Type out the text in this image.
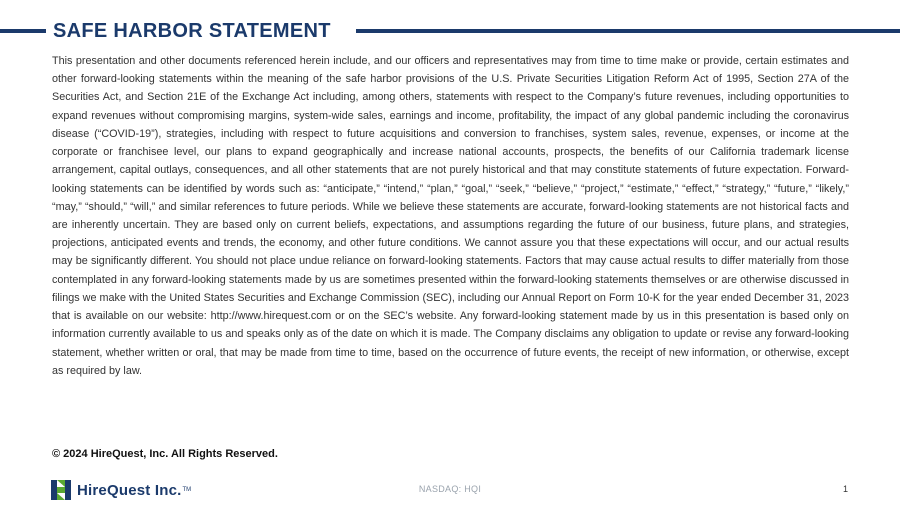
SAFE HARBOR STATEMENT

This presentation and other documents referenced herein include, and our officers and representatives may from time to time make or provide, certain estimates and other forward-looking statements within the meaning of the safe harbor provisions of the U.S. Private Securities Litigation Reform Act of 1995, Section 27A of the Securities Act, and Section 21E of the Exchange Act including, among others, statements with respect to the Company’s future revenues, including opportunities to expand revenues without compromising margins, system-wide sales, earnings and income, profitability, the impact of any global pandemic including the coronavirus disease (“COVID-19”), strategies, including with respect to future acquisitions and conversion to franchises, system sales, revenue, expenses, or income at the corporate or franchisee level, our plans to expand geographically and increase national accounts, prospects, the benefits of our California trademark license arrangement, capital outlays, consequences, and all other statements that are not purely historical and that may constitute statements of future expectation. Forward-looking statements can be identified by words such as: “anticipate,” “intend,” “plan,” “goal,” “seek,” “believe,” “project,” “estimate,” “effect,” “strategy,” “future,” “likely,” “may,” “should,” “will,” and similar references to future periods. While we believe these statements are accurate, forward-looking statements are not historical facts and are inherently uncertain. They are based only on current beliefs, expectations, and assumptions regarding the future of our business, future plans, and strategies, projections, anticipated events and trends, the economy, and other future conditions. We cannot assure you that these expectations will occur, and our actual results may be significantly different. You should not place undue reliance on forward-looking statements. Factors that may cause actual results to differ materially from those contemplated in any forward-looking statements made by us are sometimes presented within the forward-looking statements themselves or are otherwise discussed in filings we make with the United States Securities and Exchange Commission (SEC), including our Annual Report on Form 10-K for the year ended December 31, 2023 that is available on our website: http://www.hirequest.com or on the SEC’s website. Any forward-looking statement made by us in this presentation is based only on information currently available to us and speaks only as of the date on which it is made. The Company disclaims any obligation to update or revise any forward-looking statement, whether written or oral, that may be made from time to time, based on the occurrence of future events, the receipt of new information, or otherwise, except as required by law.

© 2024 HireQuest, Inc. All Rights Reserved.
HireQuest Inc. TM	NASDAQ: HQI	1
